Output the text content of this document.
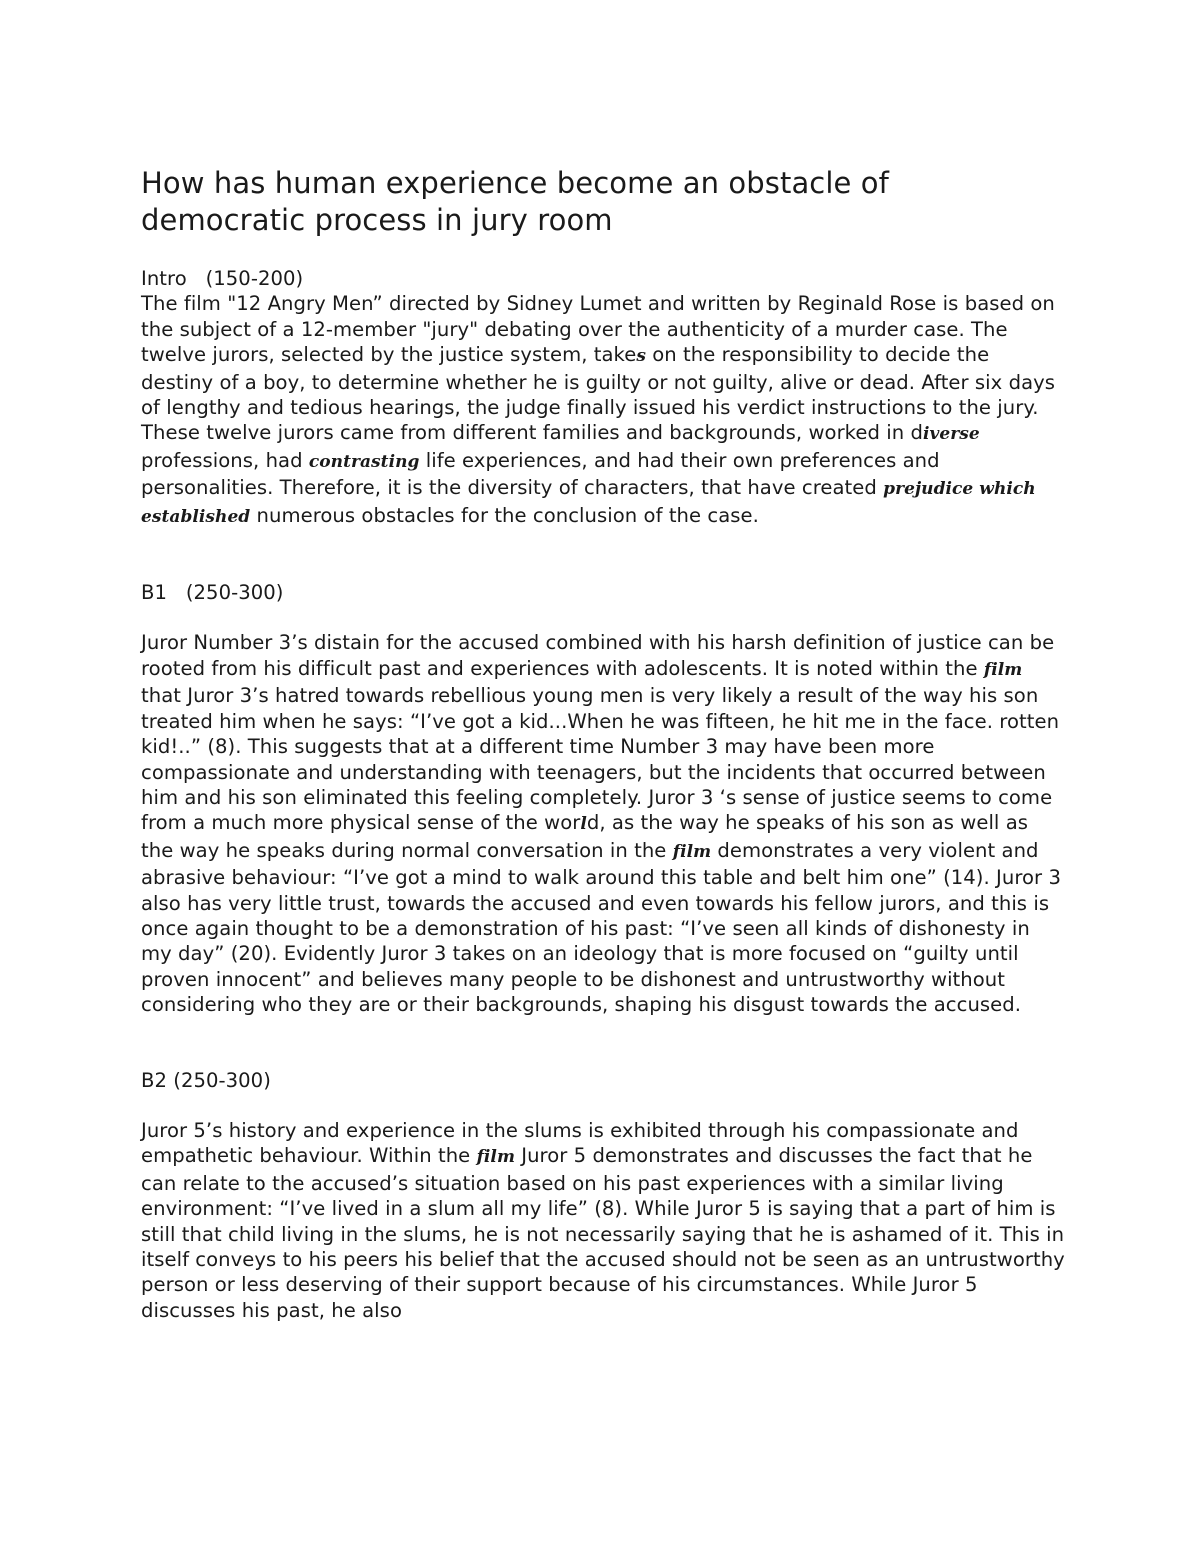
How has human experience become an obstacle of
democratic process in jury room

Intro   (150-200)

The film "12 Angry Men” directed by Sidney Lumet and written by Reginald Rose is based on the subject of a 12-member "jury" debating over the authenticity of a murder case. The twelve jurors, selected by the justice system, takes on the responsibility to decide the destiny of a boy, to determine whether he is guilty or not guilty, alive or dead. After six days of lengthy and tedious hearings, the judge finally issued his verdict instructions to the jury. These twelve jurors came from different families and backgrounds, worked in diverse professions, had contrasting life experiences, and had their own preferences and personalities. Therefore, it is the diversity of characters, that have created prejudice which established numerous obstacles for the conclusion of the case.

B1   (250-300)

Juror Number 3’s distain for the accused combined with his harsh definition of justice can be rooted from his difficult past and experiences with adolescents. It is noted within the film that Juror 3’s hatred towards rebellious young men is very likely a result of the way his son treated him when he says: “I’ve got a kid...When he was fifteen, he hit me in the face. rotten kid!..” (8). This suggests that at a different time Number 3 may have been more compassionate and understanding with teenagers, but the incidents that occurred between him and his son eliminated this feeling completely. Juror 3 ‘s sense of justice seems to come from a much more physical sense of the world, as the way he speaks of his son as well as the way he speaks during normal conversation in the film demonstrates a very violent and abrasive behaviour: “I’ve got a mind to walk around this table and belt him one” (14). Juror 3 also has very little trust, towards the accused and even towards his fellow jurors, and this is once again thought to be a demonstration of his past: “I’ve seen all kinds of dishonesty in my day” (20). Evidently Juror 3 takes on an ideology that is more focused on “guilty until proven innocent” and believes many people to be dishonest and untrustworthy without considering who they are or their backgrounds, shaping his disgust towards the accused.

B2 (250-300)

Juror 5’s history and experience in the slums is exhibited through his compassionate and empathetic behaviour. Within the film Juror 5 demonstrates and discusses the fact that he can relate to the accused’s situation based on his past experiences with a similar living environment: “I’ve lived in a slum all my life” (8). While Juror 5 is saying that a part of him is still that child living in the slums, he is not necessarily saying that he is ashamed of it. This in itself conveys to his peers his belief that the accused should not be seen as an untrustworthy person or less deserving of their support because of his circumstances. While Juror 5 discusses his past, he also
